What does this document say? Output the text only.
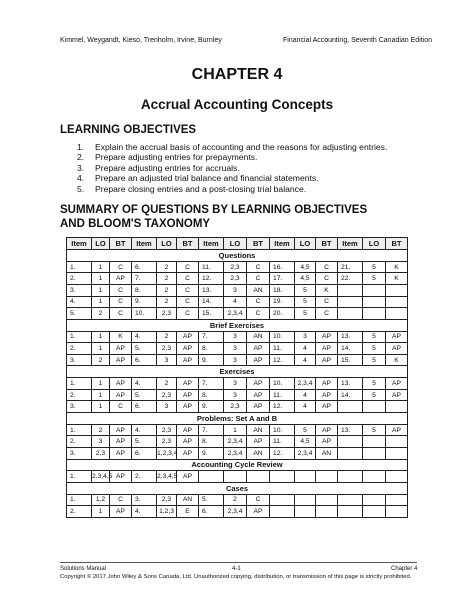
Kimmel, Weygandt, Kieso, Trenholm, Irvine, Burnley	Financial Accounting, Seventh Canadian Edition
CHAPTER 4
Accrual Accounting Concepts
LEARNING OBJECTIVES
1. Explain the accrual basis of accounting and the reasons for adjusting entries.
2. Prepare adjusting entries for prepayments.
3. Prepare adjusting entries for accruals.
4. Prepare an adjusted trial balance and financial statements.
5. Prepare closing entries and a post-closing trial balance.
SUMMARY OF QUESTIONS BY LEARNING OBJECTIVES
AND BLOOM'S TAXONOMY
Item	LO	BT	Item	LO	BT	Item	LO	BT	Item	LO	BT	Item	LO	BT
Questions														
1.	1	C	6.	2	C	11.	2,3	C	16.	4,5	C	21.	5	K
2.	1	AP	7.	2	C	12.	2,3	C	17.	4,5	C	22.	5	K
3.	1	C	8.	2	C	13.	3	AN	18.	5	K			
4.	1	C	9.	2	C	14.	4	C	19.	5	C			
5.	2	C	10.	2,3	C	15.	2,3,4	C	20.	5	C			
Brief Exercises														
1.	1	K	4.	2	AP	7.	3	AN	10.	3	AP	13.	5	AP
2.	1	AP	5.	2,3	AP	8.	3	AP	11.	4	AP	14.	5	AP
3.	2	AP	6.	3	AP	9.	3	AP	12.	4	AP	15.	5	K
Exercises														
1.	1	AP	4.	2	AP	7.	3	AP	10.	2,3,4	AP	13.	5	AP
2.	1	AP	5.	2,3	AP	8.	3	AP	11.	4	AP	14.	5	AP
3.	1	C	6.	3	AP	9.	2,3	AP	12.	4	AP			
Problems: Set A and B														
1.	2	AP	4.	2,3	AP	7.	1	AN	10.	5	AP	13.	5	AP
2.	3	AP	5.	2,3	AP	8.	2,3,4	AP	11.	4,5	AP			
3.	2,3	AP	6.	1,2,3,4	AP	9.	2,3,4	AN	12.	2,3,4	AN			
Accounting Cycle Review														
1.	2,3,4,5	AP	2.	2,3,4,5	AP									
Cases														
1.	1,2	C	3.	2,3	AN	5.	2	C						
2.	1	AP	4.	1,2,3	E	6.	2,3,4	AP						
Solutions Manual	4-1	Chapter 4
Copyright © 2017 John Wiley & Sons Canada, Ltd. Unauthorized copying, distribution, or transmission of this page is strictly prohibited.
